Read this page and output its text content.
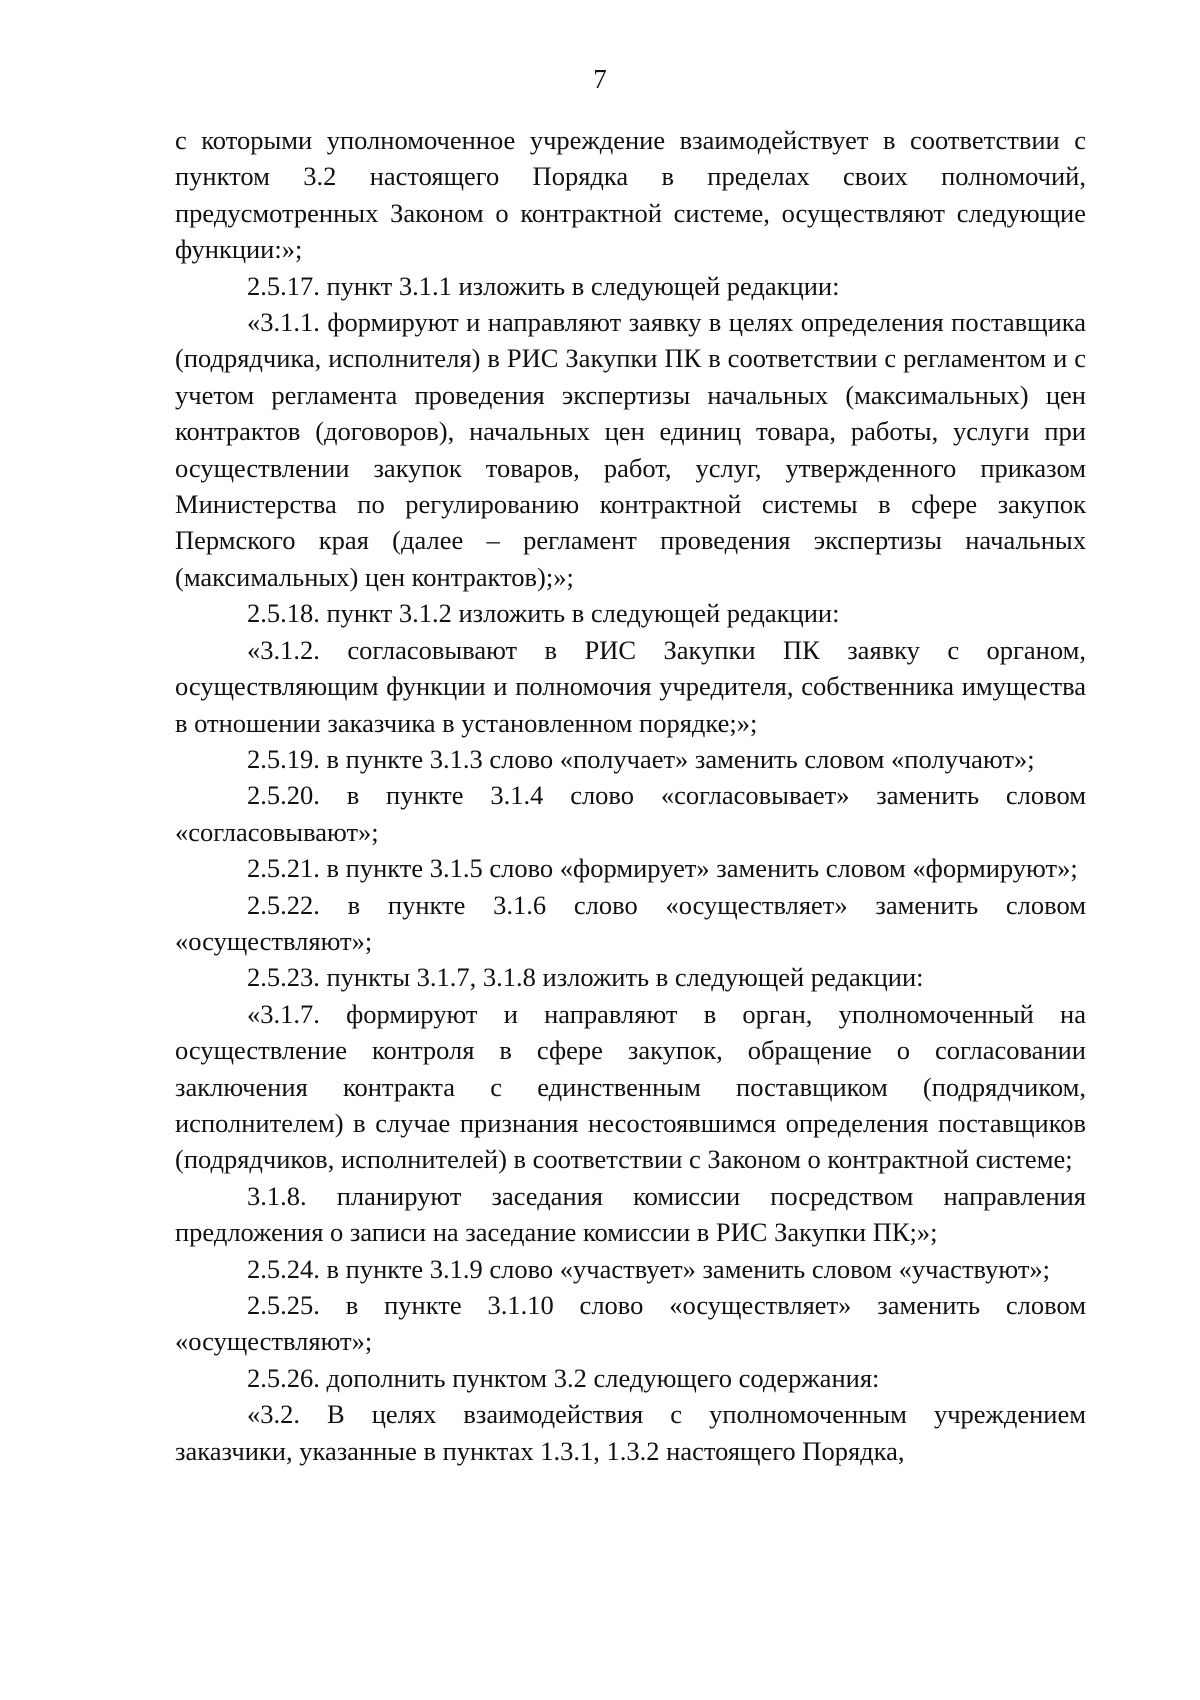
7

с которыми уполномоченное учреждение взаимодействует в соответствии с пунктом 3.2 настоящего Порядка в пределах своих полномочий, предусмотренных Законом о контрактной системе, осуществляют следующие функции:»;

2.5.17. пункт 3.1.1 изложить в следующей редакции:

«3.1.1. формируют и направляют заявку в целях определения поставщика (подрядчика, исполнителя) в РИС Закупки ПК в соответствии с регламентом и с учетом регламента проведения экспертизы начальных (максимальных) цен контрактов (договоров), начальных цен единиц товара, работы, услуги при осуществлении закупок товаров, работ, услуг, утвержденного приказом Министерства по регулированию контрактной системы в сфере закупок Пермского края (далее – регламент проведения экспертизы начальных (максимальных) цен контрактов);»;

2.5.18. пункт 3.1.2 изложить в следующей редакции:

«3.1.2. согласовывают в РИС Закупки ПК заявку с органом, осуществляющим функции и полномочия учредителя, собственника имущества в отношении заказчика в установленном порядке;»;

2.5.19. в пункте 3.1.3 слово «получает» заменить словом «получают»;

2.5.20. в пункте 3.1.4 слово «согласовывает» заменить словом «согласовывают»;

2.5.21. в пункте 3.1.5 слово «формирует» заменить словом «формируют»;

2.5.22. в пункте 3.1.6 слово «осуществляет» заменить словом «осуществляют»;

2.5.23. пункты 3.1.7, 3.1.8 изложить в следующей редакции:

«3.1.7. формируют и направляют в орган, уполномоченный на осуществление контроля в сфере закупок, обращение о согласовании заключения контракта с единственным поставщиком (подрядчиком, исполнителем) в случае признания несостоявшимся определения поставщиков (подрядчиков, исполнителей) в соответствии с Законом о контрактной системе;

3.1.8. планируют заседания комиссии посредством направления предложения о записи на заседание комиссии в РИС Закупки ПК;»;

2.5.24. в пункте 3.1.9 слово «участвует» заменить словом «участвуют»;

2.5.25. в пункте 3.1.10 слово «осуществляет» заменить словом «осуществляют»;

2.5.26. дополнить пунктом 3.2 следующего содержания:

«3.2. В целях взаимодействия с уполномоченным учреждением заказчики, указанные в пунктах 1.3.1, 1.3.2 настоящего Порядка,
